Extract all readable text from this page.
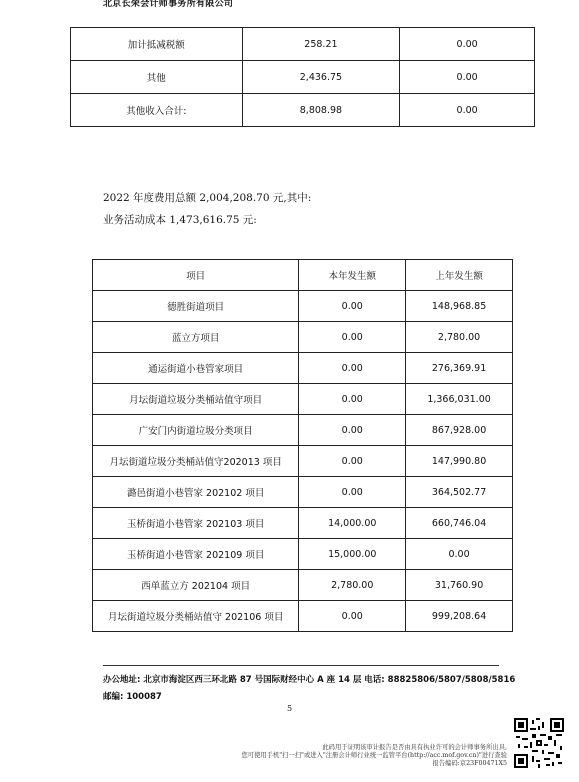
北京长荣会计师事务所有限公司
加计抵减税额	258.21	0.00
其他	2,436.75	0.00
其他收入合计:	8,808.98	0.00
2022 年度费用总额 2,004,208.70 元,其中:
业务活动成本 1,473,616.75 元:
项目	本年发生额	上年发生额
德胜街道项目	0.00	148,968.85
蓝立方项目	0.00	2,780.00
通运街道小巷管家项目	0.00	276,369.91
月坛街道垃圾分类桶站值守项目	0.00	1,366,031.00
广安门内街道垃圾分类项目	0.00	867,928.00
月坛街道垃圾分类桶站值守202013 项目	0.00	147,990.80
潞邑街道小巷管家 202102 项目	0.00	364,502.77
玉桥街道小巷管家 202103 项目	14,000.00	660,746.04
玉桥街道小巷管家 202109 项目	15,000.00	0.00
西单蓝立方 202104 项目	2,780.00	31,760.90
月坛街道垃圾分类桶站值守 202106 项目	0.00	999,208.64
办公地址: 北京市海淀区西三环北路 87 号国际财经中心 A 座 14 层 电话: 88825806/5807/5808/5816
邮编: 100087
5
此码用于证明该审计报告是否由具有执业许可的会计师事务所出具,
您可使用手机"扫一扫"或进入"注册会计师行业统一监管平台(http://acc.mof.gov.cn)"进行查验
报告编码:京23F00471X5
